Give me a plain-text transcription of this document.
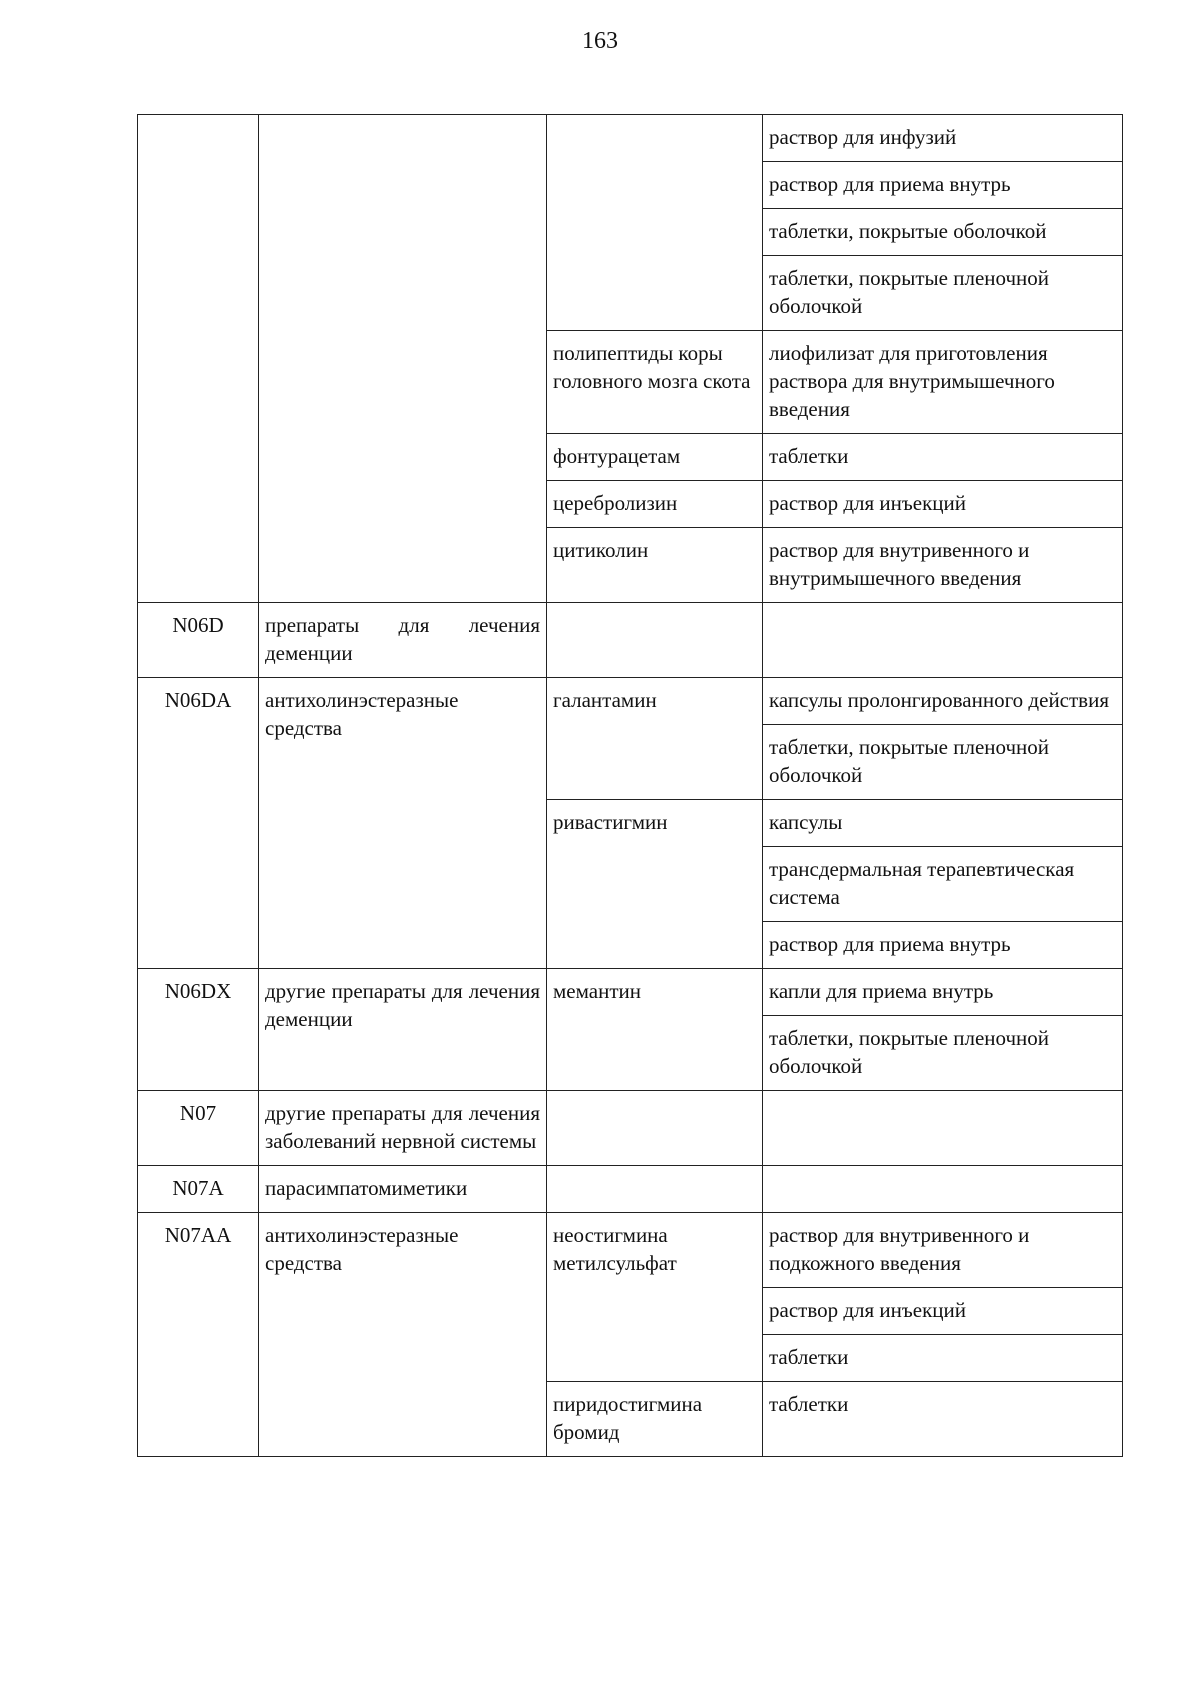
163
			раствор для инфузий
			раствор для приема внутрь
			таблетки, покрытые оболочкой
			таблетки, покрытые пленочной оболочкой
		полипептиды коры головного мозга скота	лиофилизат для приготовления раствора для внутримышечного введения
		фонтурацетам	таблетки
		церебролизин	раствор для инъекций
		цитиколин	раствор для внутривенного и внутримышечного введения
N06D	препараты для лечения деменции		
N06DA	антихолинэстеразные средства	галантамин	капсулы пролонгированного действия
			таблетки, покрытые пленочной оболочкой
		ривастигмин	капсулы
			трансдермальная терапевтическая система
			раствор для приема внутрь
N06DX	другие препараты для лечения деменции	мемантин	капли для приема внутрь
			таблетки, покрытые пленочной оболочкой
N07	другие препараты для лечения заболеваний нервной системы		
N07A	парасимпатомиметики		
N07AA	антихолинэстеразные средства	неостигмина метилсульфат	раствор для внутривенного и подкожного введения
			раствор для инъекций
			таблетки
		пиридостигмина бромид	таблетки
